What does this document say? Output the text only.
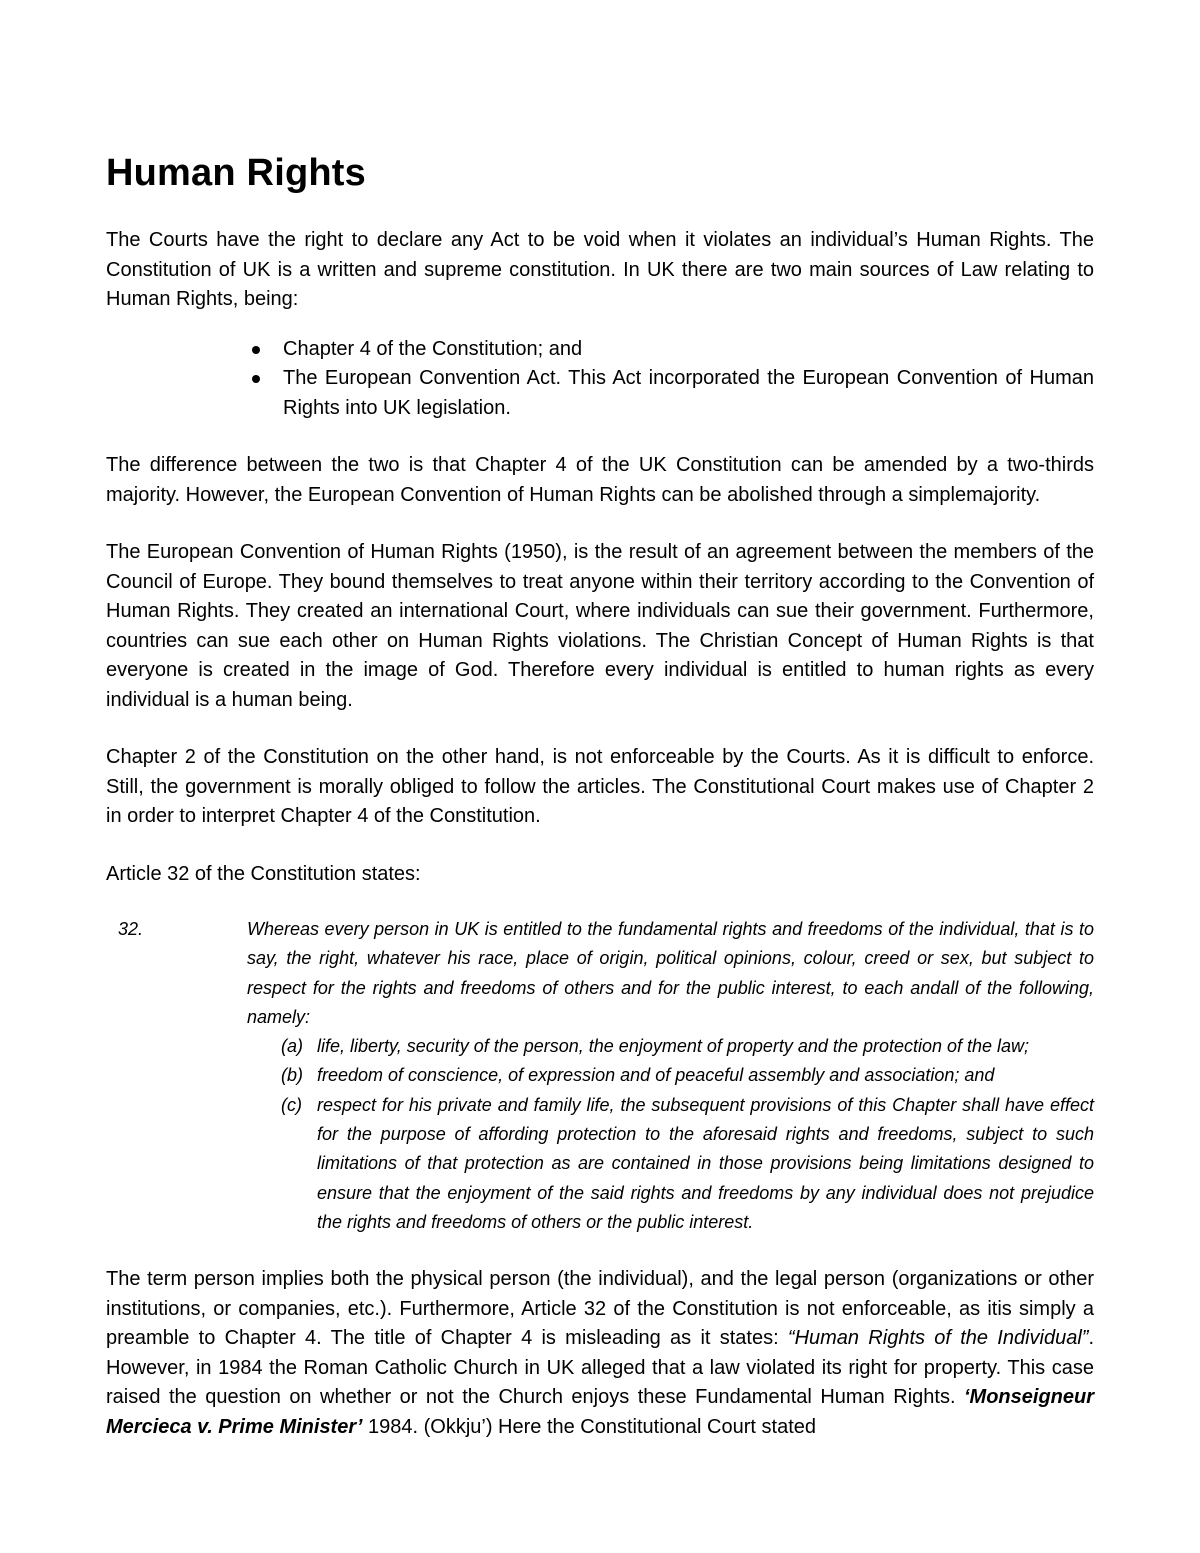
Human Rights

The Courts have the right to declare any Act to be void when it violates an individual’s Human Rights. The Constitution of UK is a written and supreme constitution. In UK there are two main sources of Law relating to Human Rights, being:

Chapter 4 of the Constitution; and
The European Convention Act. This Act incorporated the European Convention of Human Rights into UK legislation.

The difference between the two is that Chapter 4 of the UK Constitution can be amended by a two-thirds majority. However, the European Convention of Human Rights can be abolished through a simplemajority.

The European Convention of Human Rights (1950), is the result of an agreement between the members of the Council of Europe. They bound themselves to treat anyone within their territory according to the Convention of Human Rights. They created an international Court, where individuals can sue their government. Furthermore, countries can sue each other on Human Rights violations. The Christian Concept of Human Rights is that everyone is created in the image of God. Therefore every individual is entitled to human rights as every individual is a human being.

Chapter 2 of the Constitution on the other hand, is not enforceable by the Courts. As it is difficult to enforce. Still, the government is morally obliged to follow the articles. The Constitutional Court makes use of Chapter 2 in order to interpret Chapter 4 of the Constitution.

Article 32 of the Constitution states:

32.	Whereas every person in UK is entitled to the fundamental rights and freedoms of the individual, that is to say, the right, whatever his race, place of origin, political opinions, colour, creed or sex, but subject to respect for the rights and freedoms of others and for the public interest, to each andall of the following, namely:
(a) life, liberty, security of the person, the enjoyment of property and the protection of the law;
(b) freedom of conscience, of expression and of peaceful assembly and association; and
(c) respect for his private and family life, the subsequent provisions of this Chapter shall have effect for the purpose of affording protection to the aforesaid rights and freedoms, subject to such limitations of that protection as are contained in those provisions being limitations designed to ensure that the enjoyment of the said rights and freedoms by any individual does not prejudice the rights and freedoms of others or the public interest.

The term person implies both the physical person (the individual), and the legal person (organizations or other institutions, or companies, etc.). Furthermore, Article 32 of the Constitution is not enforceable, as itis simply a preamble to Chapter 4. The title of Chapter 4 is misleading as it states: “Human Rights of the Individual”. However, in 1984 the Roman Catholic Church in UK alleged that a law violated its right for property. This case raised the question on whether or not the Church enjoys these Fundamental Human Rights. ‘Monseigneur Mercieca v. Prime Minister’ 1984. (Okkju’) Here the Constitutional Court stated
